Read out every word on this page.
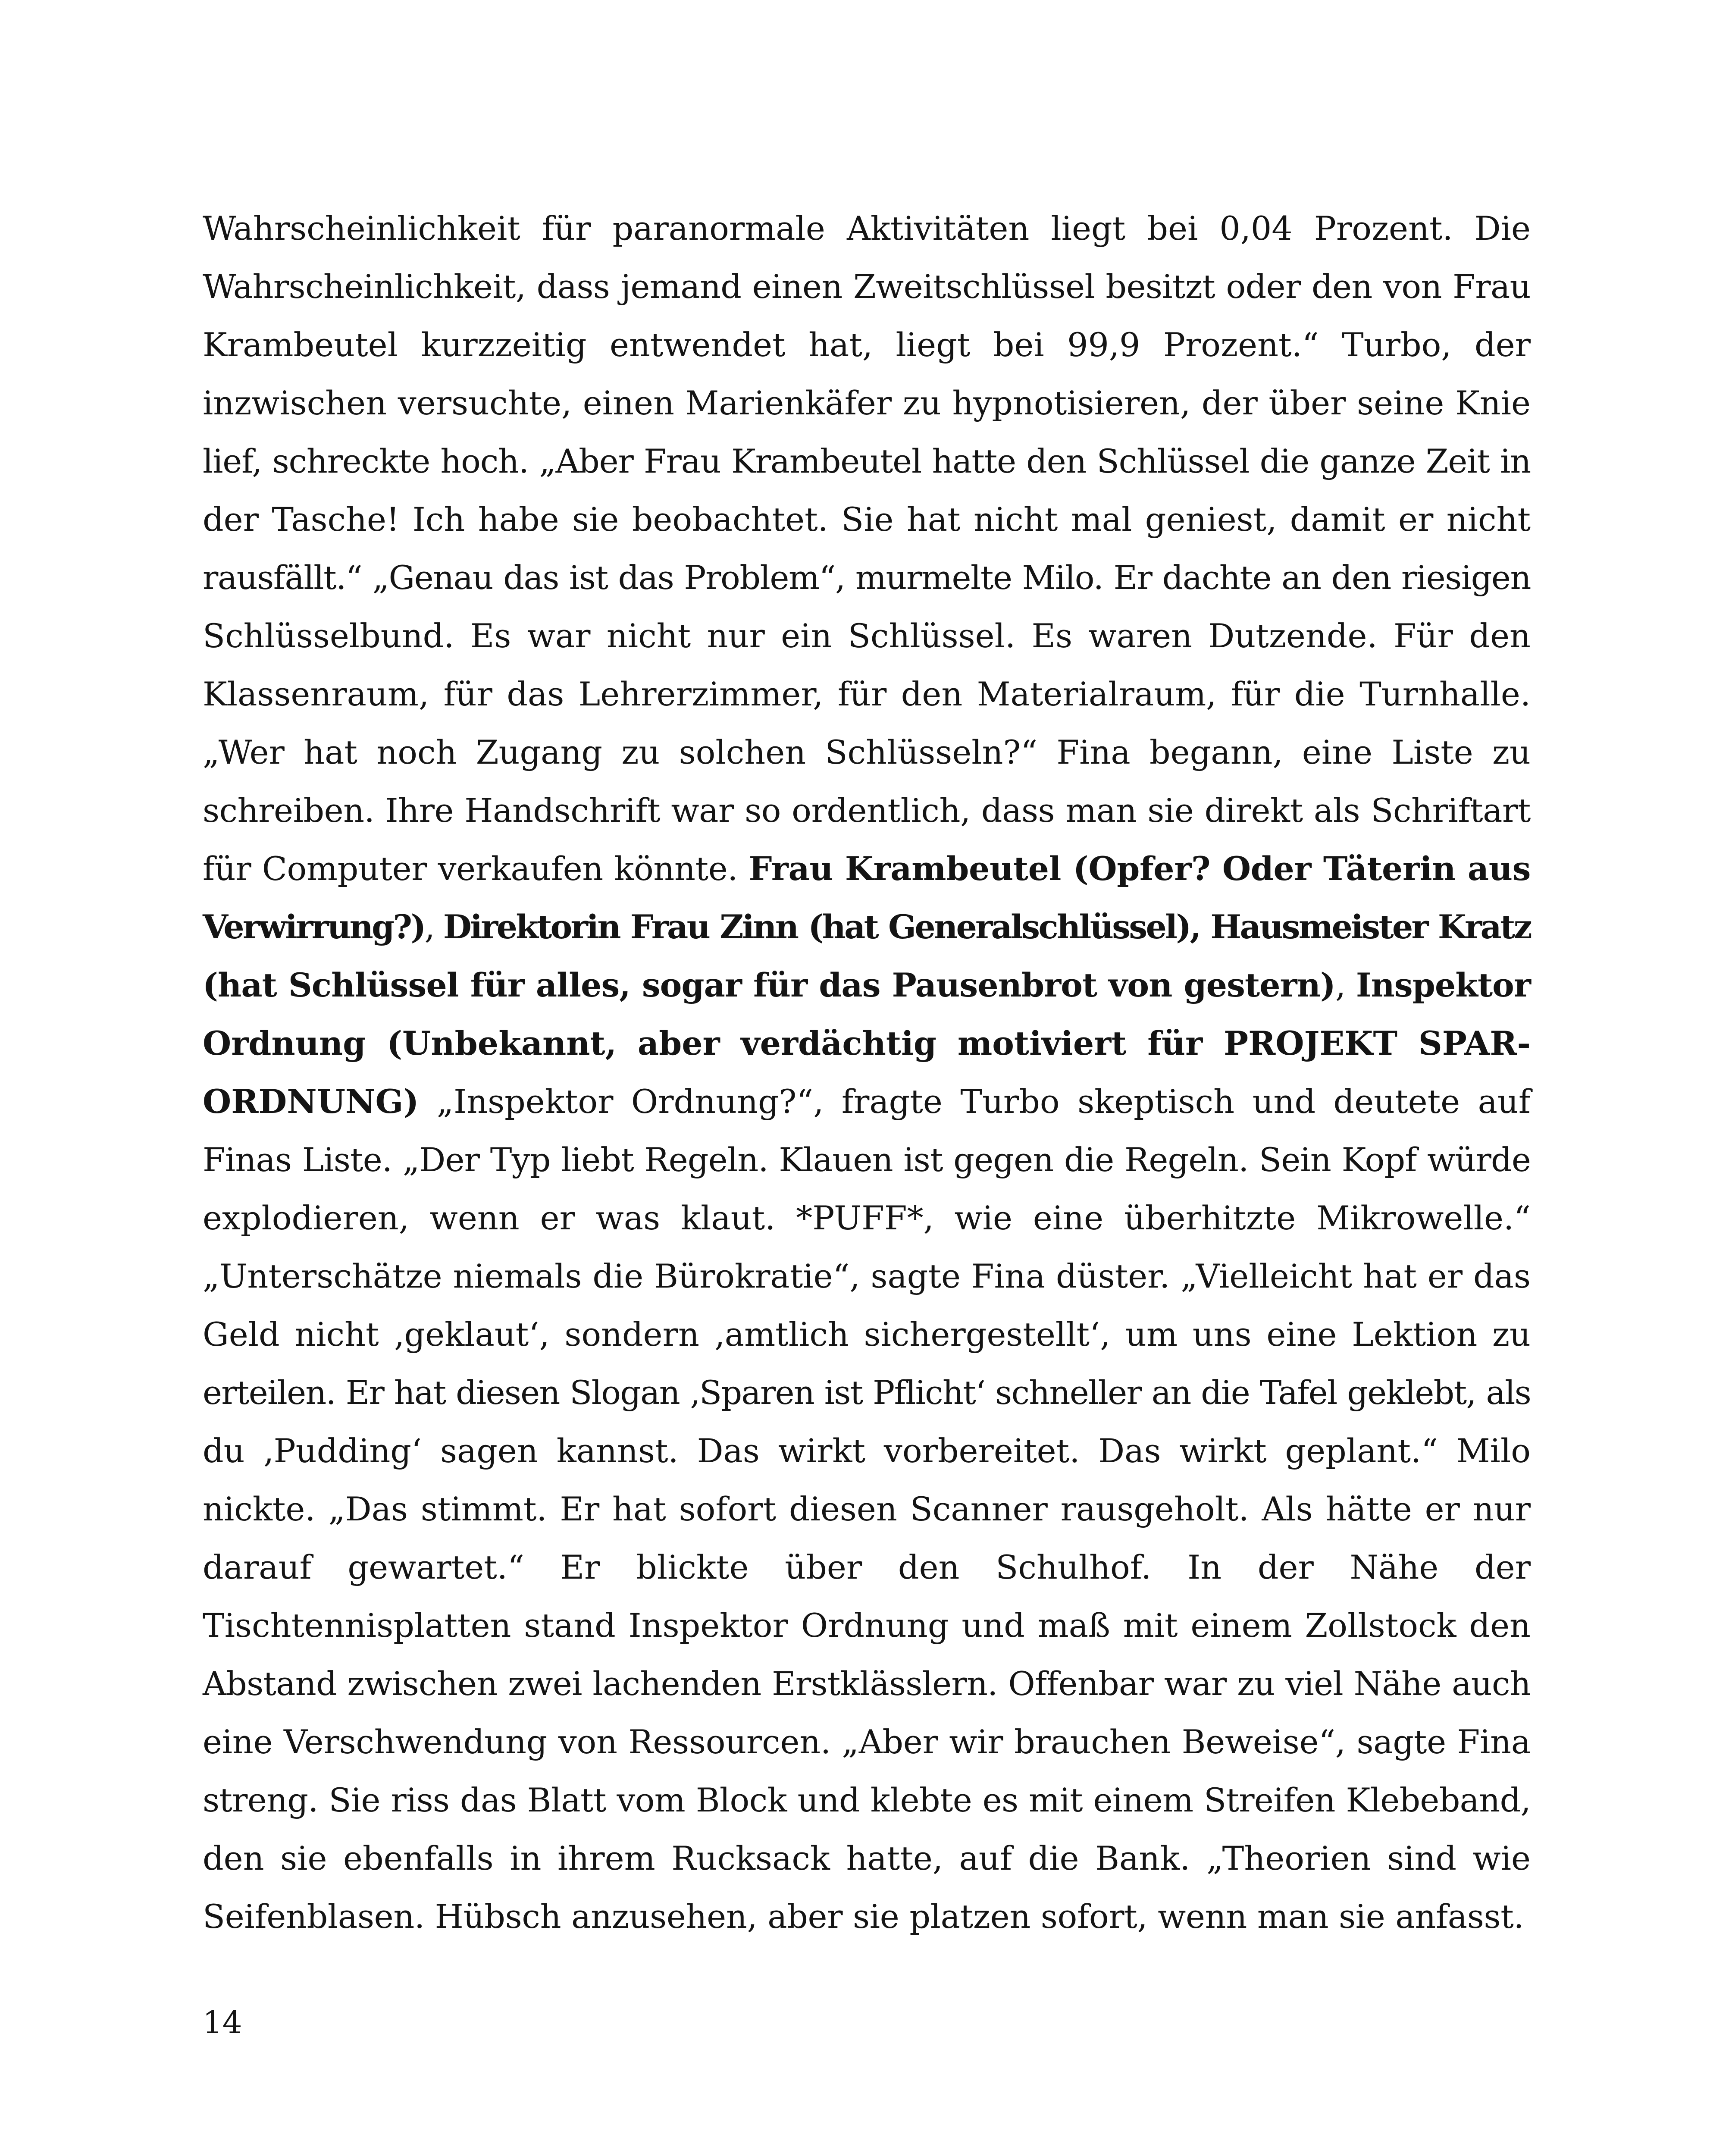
Wahrscheinlichkeit für paranormale Aktivitäten liegt bei 0,04 Prozent. Die
Wahrscheinlichkeit, dass jemand einen Zweitschlüssel besitzt oder den von Frau
Krambeutel kurzzeitig entwendet hat, liegt bei 99,9 Prozent.“ Turbo, der
inzwischen versuchte, einen Marienkäfer zu hypnotisieren, der über seine Knie
lief, schreckte hoch. „Aber Frau Krambeutel hatte den Schlüssel die ganze Zeit in
der Tasche! Ich habe sie beobachtet. Sie hat nicht mal geniest, damit er nicht
rausfällt.“ „Genau das ist das Problem“, murmelte Milo. Er dachte an den riesigen
Schlüsselbund. Es war nicht nur ein Schlüssel. Es waren Dutzende. Für den
Klassenraum, für das Lehrerzimmer, für den Materialraum, für die Turnhalle.
„Wer hat noch Zugang zu solchen Schlüsseln?“ Fina begann, eine Liste zu
schreiben. Ihre Handschrift war so ordentlich, dass man sie direkt als Schriftart
für Computer verkaufen könnte. Frau Krambeutel (Opfer? Oder Täterin aus
Verwirrung?), Direktorin Frau Zinn (hat Generalschlüssel), Hausmeister Kratz
(hat Schlüssel für alles, sogar für das Pausenbrot von gestern), Inspektor
Ordnung (Unbekannt, aber verdächtig motiviert für PROJEKT SPAR-
ORDNUNG) „Inspektor Ordnung?“, fragte Turbo skeptisch und deutete auf
Finas Liste. „Der Typ liebt Regeln. Klauen ist gegen die Regeln. Sein Kopf würde
explodieren, wenn er was klaut. *PUFF*, wie eine überhitzte Mikrowelle.“
„Unterschätze niemals die Bürokratie“, sagte Fina düster. „Vielleicht hat er das
Geld nicht ‚geklaut‘, sondern ‚amtlich sichergestellt‘, um uns eine Lektion zu
erteilen. Er hat diesen Slogan ‚Sparen ist Pflicht‘ schneller an die Tafel geklebt, als
du ‚Pudding‘ sagen kannst. Das wirkt vorbereitet. Das wirkt geplant.“ Milo
nickte. „Das stimmt. Er hat sofort diesen Scanner rausgeholt. Als hätte er nur
darauf gewartet.“ Er blickte über den Schulhof. In der Nähe der
Tischtennisplatten stand Inspektor Ordnung und maß mit einem Zollstock den
Abstand zwischen zwei lachenden Erstklässlern. Offenbar war zu viel Nähe auch
eine Verschwendung von Ressourcen. „Aber wir brauchen Beweise“, sagte Fina
streng. Sie riss das Blatt vom Block und klebte es mit einem Streifen Klebeband,
den sie ebenfalls in ihrem Rucksack hatte, auf die Bank. „Theorien sind wie
Seifenblasen. Hübsch anzusehen, aber sie platzen sofort, wenn man sie anfasst.
14
